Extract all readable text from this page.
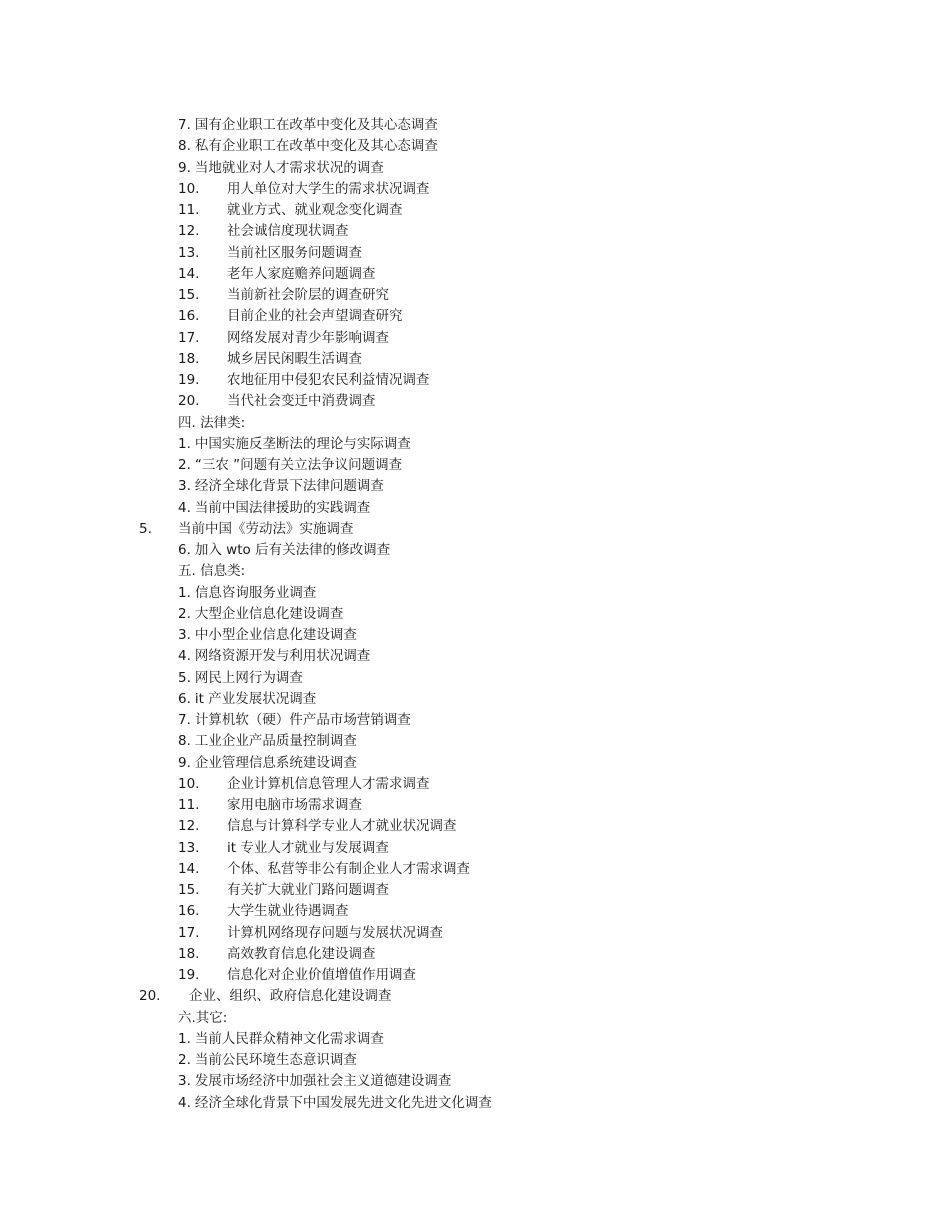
7. 国有企业职工在改革中变化及其心态调查
8. 私有企业职工在改革中变化及其心态调查
9. 当地就业对人才需求状况的调查
10. 用人单位对大学生的需求状况调查
11. 就业方式、就业观念变化调查
12. 社会诚信度现状调查
13. 当前社区服务问题调查
14. 老年人家庭赡养问题调查
15. 当前新社会阶层的调查研究
16. 目前企业的社会声望调查研究
17. 网络发展对青少年影响调查
18. 城乡居民闲暇生活调查
19. 农地征用中侵犯农民利益情况调查
20. 当代社会变迁中消费调查
四. 法律类:
1. 中国实施反垄断法的理论与实际调查
2. “三农 ”问题有关立法争议问题调查
3. 经济全球化背景下法律问题调查
4. 当前中国法律援助的实践调查
5. 当前中国《劳动法》实施调查
6. 加入 wto 后有关法律的修改调查
五. 信息类:
1. 信息咨询服务业调查
2. 大型企业信息化建设调查
3. 中小型企业信息化建设调查
4. 网络资源开发与利用状况调查
5. 网民上网行为调查
6. it 产业发展状况调查
7. 计算机软（硬）件产品市场营销调查
8. 工业企业产品质量控制调查
9. 企业管理信息系统建设调查
10. 企业计算机信息管理人才需求调查
11. 家用电脑市场需求调查
12. 信息与计算科学专业人才就业状况调查
13. it 专业人才就业与发展调查
14. 个体、私营等非公有制企业人才需求调查
15. 有关扩大就业门路问题调查
16. 大学生就业待遇调查
17. 计算机网络现存问题与发展状况调查
18. 高效教育信息化建设调查
19. 信息化对企业价值增值作用调查
20. 企业、组织、政府信息化建设调查
六.其它:
1. 当前人民群众精神文化需求调查
2. 当前公民环境生态意识调查
3. 发展市场经济中加强社会主义道德建设调查
4. 经济全球化背景下中国发展先进文化先进文化调查
